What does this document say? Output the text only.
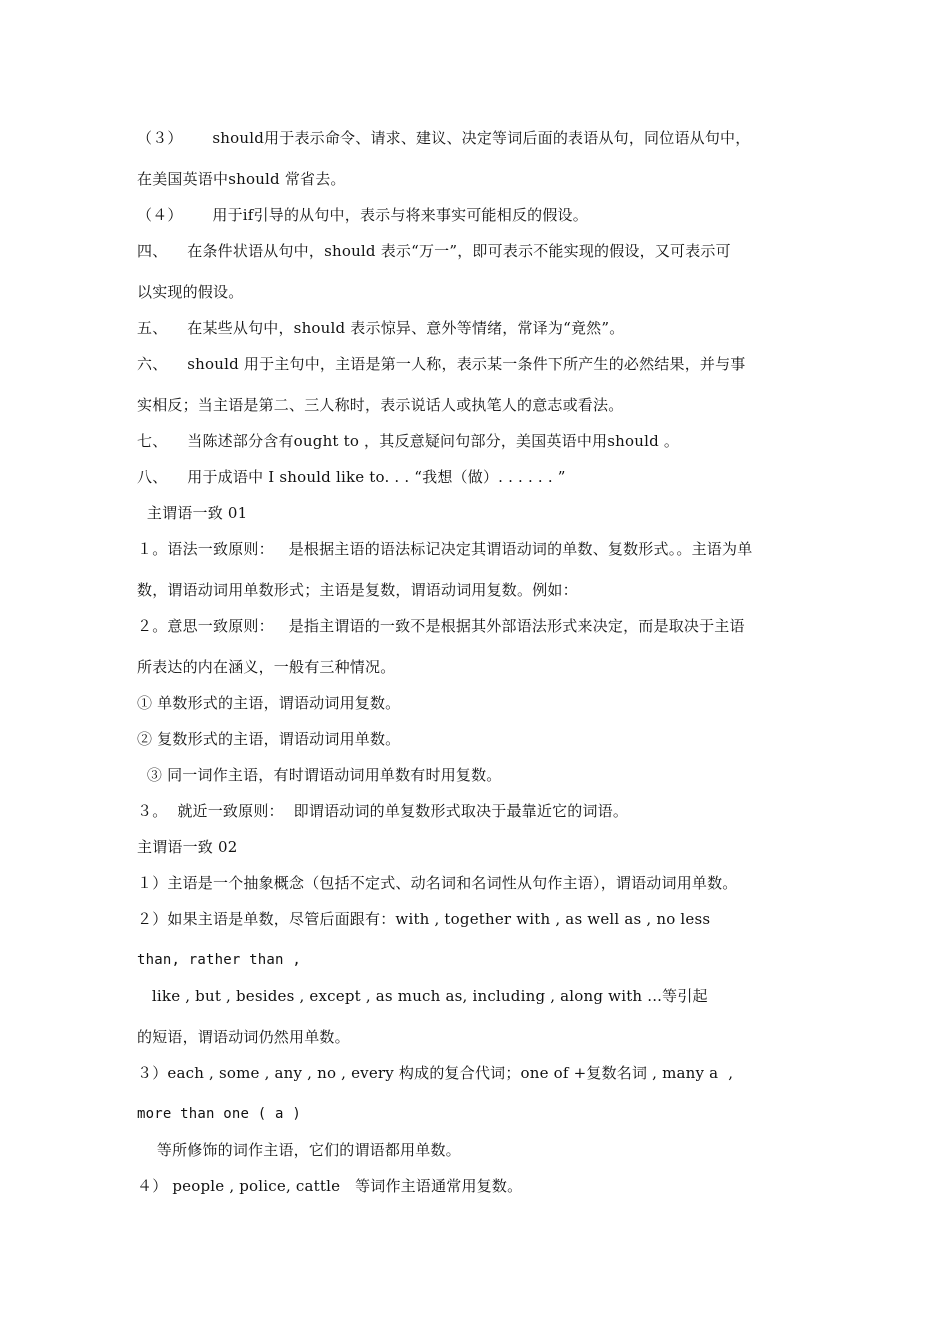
（３）      should用于表示命令、请求、建议、决定等词后面的表语从句，同位语从句中，
在美国英语中should 常省去。
（４）      用于if引导的从句中，表示与将来事实可能相反的假设。
四、    在条件状语从句中，should 表示“万一”，即可表示不能实现的假设，又可表示可
以实现的假设。
五、    在某些从句中，should 表示惊异、意外等情绪，常译为“竟然”。
六、    should 用于主句中，主语是第一人称，表示某一条件下所产生的必然结果，并与事
实相反；当主语是第二、三人称时，表示说话人或执笔人的意志或看法。
七、    当陈述部分含有ought to ，其反意疑问句部分，美国英语中用should 。
八、    用于成语中 I should like to. . . “我想（做）. . . . . . ”
主谓语一致 01
１。语法一致原则：   是根据主语的语法标记决定其谓语动词的单数、复数形式。。主语为单
数，谓语动词用单数形式；主语是复数，谓语动词用复数。例如：
２。意思一致原则：   是指主谓语的一致不是根据其外部语法形式来决定，而是取决于主语
所表达的内在涵义，一般有三种情况。
① 单数形式的主语，谓语动词用复数。
② 复数形式的主语，谓语动词用单数。
③ 同一词作主语，有时谓语动词用单数有时用复数。
３。  就近一致原则：  即谓语动词的单复数形式取决于最靠近它的词语。
主谓语一致 02
１）主语是一个抽象概念（包括不定式、动名词和名词性从句作主语），谓语动词用单数。
２）如果主语是单数，尽管后面跟有：with , together with , as well as , no less
than, rather than ,
like , but , besides , except , as much as, including , along with ...等引起
的短语，谓语动词仍然用单数。
３）each , some , any , no , every 构成的复合代词；one of +复数名词 , many a  ,
more than one ( a )
等所修饰的词作主语，它们的谓语都用单数。
４） people , police, cattle   等词作主语通常用复数。
